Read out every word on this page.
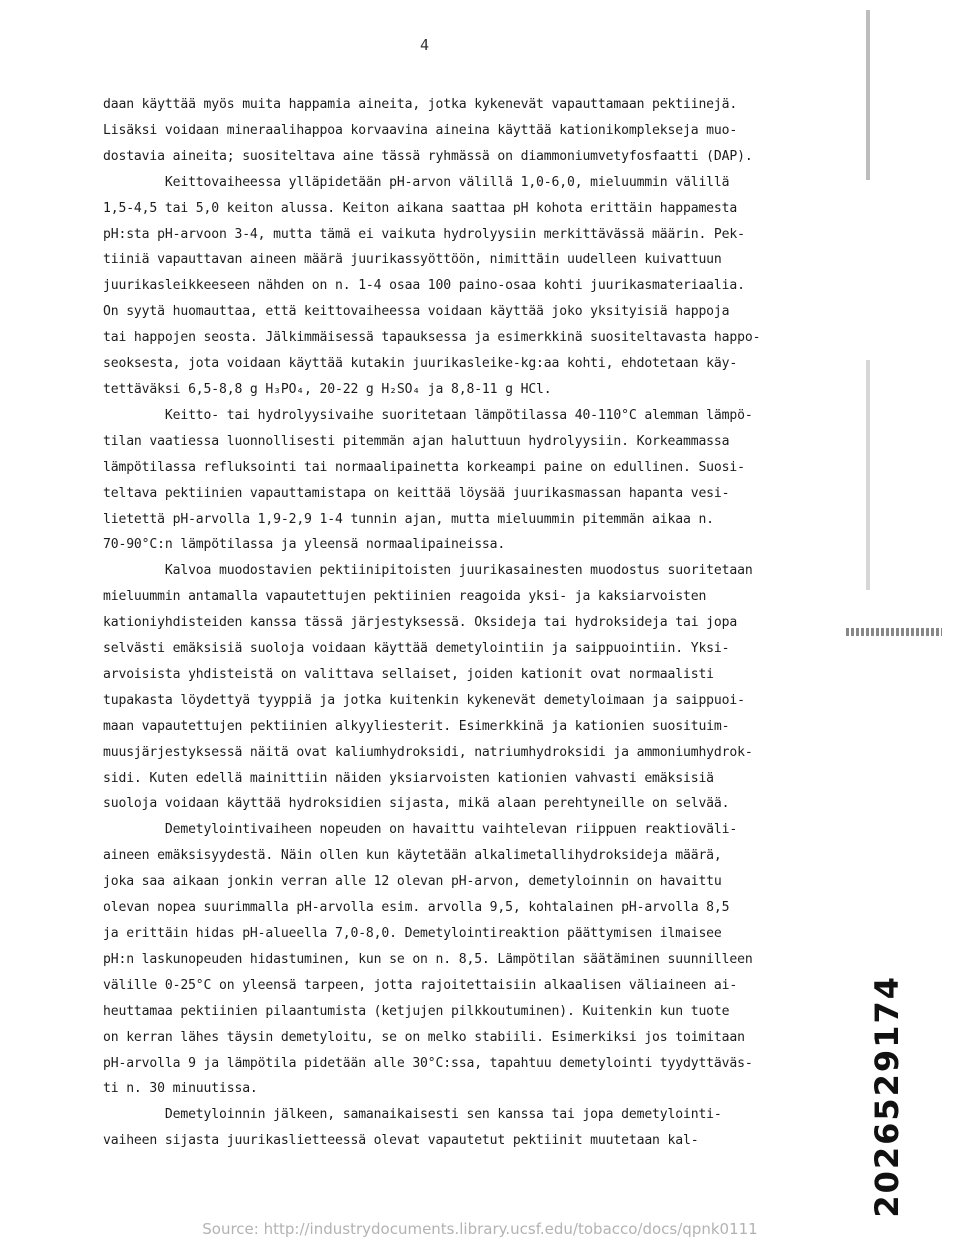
4
daan käyttää myös muita happamia aineita, jotka kykenevät vapauttamaan pektiinejä.
Lisäksi voidaan mineraalihappoa korvaavina aineina käyttää kationikomplekseja muo-
dostavia aineita; suositeltava aine tässä ryhmässä on diammoniumvetyfosfaatti (DAP).
Keittovaiheessa ylläpidetään pH-arvon välillä 1,0-6,0, mieluummin välillä
1,5-4,5 tai 5,0 keiton alussa. Keiton aikana saattaa pH kohota erittäin happamesta
pH:sta pH-arvoon 3-4, mutta tämä ei vaikuta hydrolyysiin merkittävässä määrin. Pek-
tiiniä vapauttavan aineen määrä juurikassyöttöön, nimittäin uudelleen kuivattuun
juurikasleikkeeseen nähden on n. 1-4 osaa 100 paino-osaa kohti juurikasmateriaalia.
On syytä huomauttaa, että keittovaiheessa voidaan käyttää joko yksityisiä happoja
tai happojen seosta. Jälkimmäisessä tapauksessa ja esimerkkinä suositeltavasta happo-
seoksesta, jota voidaan käyttää kutakin juurikasleike-kg:aa kohti, ehdotetaan käy-
tettäväksi 6,5-8,8 g H₃PO₄, 20-22 g H₂SO₄ ja 8,8-11 g HCl.
Keitto- tai hydrolyysivaihe suoritetaan lämpötilassa 40-110°C alemman lämpö-
tilan vaatiessa luonnollisesti pitemmän ajan haluttuun hydrolyysiin. Korkeammassa
lämpötilassa refluksointi tai normaalipainetta korkeampi paine on edullinen. Suosi-
teltava pektiinien vapauttamistapa on keittää löysää juurikasmassan hapanta vesi-
lietettä pH-arvolla 1,9-2,9 1-4 tunnin ajan, mutta mieluummin pitemmän aikaa n.
70-90°C:n lämpötilassa ja yleensä normaalipaineissa.
Kalvoa muodostavien pektiinipitoisten juurikasainesten muodostus suoritetaan
mieluummin antamalla vapautettujen pektiinien reagoida yksi- ja kaksiarvoisten
kationiyhdisteiden kanssa tässä järjestyksessä. Oksideja tai hydroksideja tai jopa
selvästi emäksisiä suoloja voidaan käyttää demetylointiin ja saippuointiin. Yksi-
arvoisista yhdisteistä on valittava sellaiset, joiden kationit ovat normaalisti
tupakasta löydettyä tyyppiä ja jotka kuitenkin kykenevät demetyloimaan ja saippuoi-
maan vapautettujen pektiinien alkyyliesterit. Esimerkkinä ja kationien suosituim-
muusjärjestyksessä näitä ovat kaliumhydroksidi, natriumhydroksidi ja ammoniumhydrok-
sidi. Kuten edellä mainittiin näiden yksiarvoisten kationien vahvasti emäksisiä
suoloja voidaan käyttää hydroksidien sijasta, mikä alaan perehtyneille on selvää.
Demetylointivaiheen nopeuden on havaittu vaihtelevan riippuen reaktioväli-
aineen emäksisyydestä. Näin ollen kun käytetään alkalimetallihydroksideja määrä,
joka saa aikaan jonkin verran alle 12 olevan pH-arvon, demetyloinnin on havaittu
olevan nopea suurimmalla pH-arvolla esim. arvolla 9,5, kohtalainen pH-arvolla 8,5
ja erittäin hidas pH-alueella 7,0-8,0. Demetylointireaktion päättymisen ilmaisee
pH:n laskunopeuden hidastuminen, kun se on n. 8,5. Lämpötilan säätäminen suunnilleen
välille 0-25°C on yleensä tarpeen, jotta rajoitettaisiin alkaalisen väliaineen ai-
heuttamaa pektiinien pilaantumista (ketjujen pilkkoutuminen). Kuitenkin kun tuote
on kerran lähes täysin demetyloitu, se on melko stabiili. Esimerkiksi jos toimitaan
pH-arvolla 9 ja lämpötila pidetään alle 30°C:ssa, tapahtuu demetylointi tyydyttäväs-
ti n. 30 minuutissa.
Demetyloinnin jälkeen, samanaikaisesti sen kanssa tai jopa demetylointi-
vaiheen sijasta juurikaslietteessä olevat vapautetut pektiinit muutetaan kal-	2026529174
Source: http://industrydocuments.library.ucsf.edu/tobacco/docs/qpnk0111
